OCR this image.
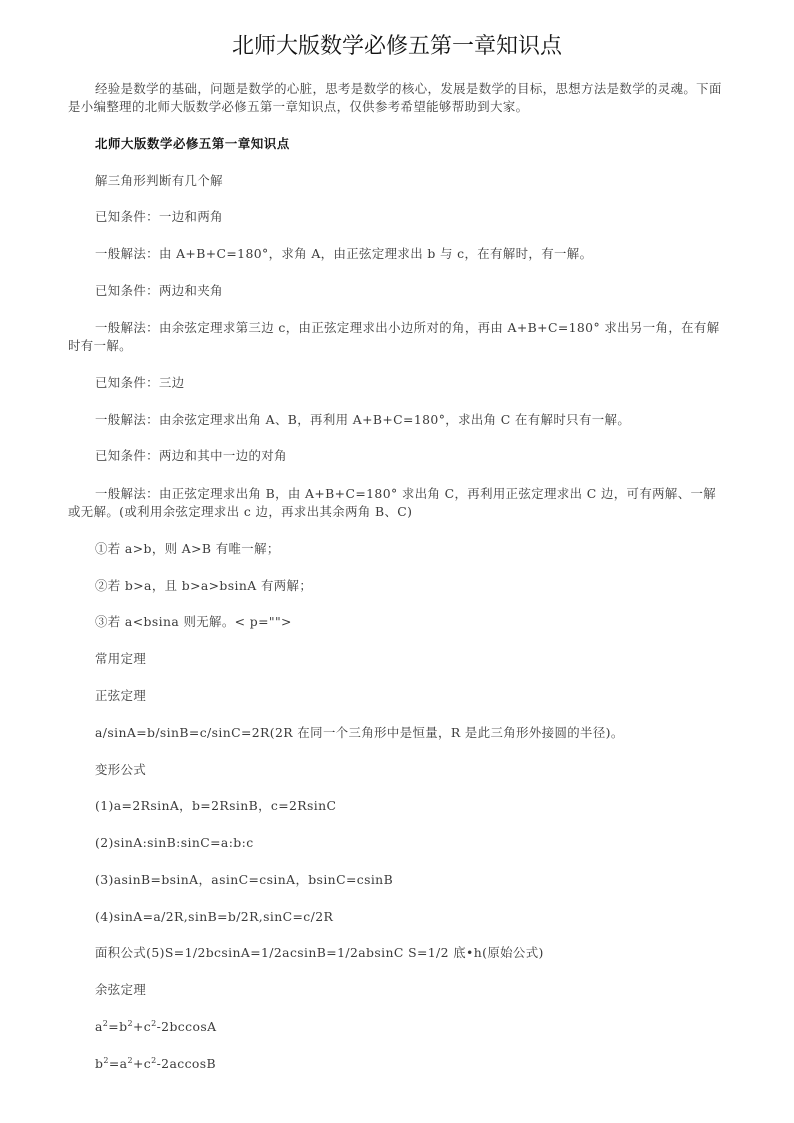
北师大版数学必修五第一章知识点

经验是数学的基础，问题是数学的心脏，思考是数学的核心，发展是数学的目标，思想方法是数学的灵魂。下面是小编整理的北师大版数学必修五第一章知识点，仅供参考希望能够帮助到大家。

北师大版数学必修五第一章知识点

解三角形判断有几个解

已知条件：一边和两角

一般解法：由 A+B+C=180°，求角 A，由正弦定理求出 b 与 c，在有解时，有一解。

已知条件：两边和夹角

一般解法：由余弦定理求第三边 c，由正弦定理求出小边所对的角，再由 A+B+C=180° 求出另一角，在有解时有一解。

已知条件：三边

一般解法：由余弦定理求出角 A、B，再利用 A+B+C=180°，求出角 C 在有解时只有一解。

已知条件：两边和其中一边的对角

一般解法：由正弦定理求出角 B，由 A+B+C=180° 求出角 C，再利用正弦定理求出 C 边，可有两解、一解或无解。(或利用余弦定理求出 c 边，再求出其余两角 B、C)

①若 a>b，则 A>B 有唯一解；

②若 b>a，且 b>a>bsinA 有两解；

③若 a<bsina 则无解。< p="">

常用定理

正弦定理

a/sinA=b/sinB=c/sinC=2R(2R 在同一个三角形中是恒量，R 是此三角形外接圆的半径)。

变形公式

(1)a=2RsinA，b=2RsinB，c=2RsinC

(2)sinA:sinB:sinC=a:b:c

(3)asinB=bsinA，asinC=csinA，bsinC=csinB

(4)sinA=a/2R,sinB=b/2R,sinC=c/2R

面积公式(5)S=1/2bcsinA=1/2acsinB=1/2absinC S=1/2 底•h(原始公式)

余弦定理

$a^2=b^2+c^2-2bccosA$

$b^2=a^2+c^2-2accosB$
